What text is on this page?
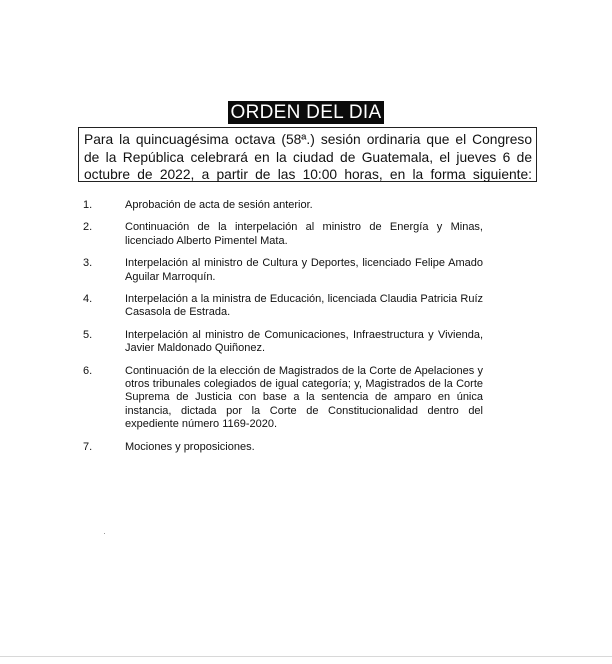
ORDEN DEL DIA
Para la quincuagésima octava (58ª.) sesión ordinaria que el Congreso
de la República celebrará en la ciudad de Guatemala, el jueves 6 de
octubre de 2022, a partir de las 10:00 horas, en la forma siguiente:
1.	Aprobación de acta de sesión anterior.
2.	Continuación de la interpelación al ministro de Energía y Minas, licenciado Alberto Pimentel Mata.
3.	Interpelación al ministro de Cultura y Deportes, licenciado Felipe Amado Aguilar Marroquín.
4.	Interpelación a la ministra de Educación, licenciada Claudia Patricia Ruíz Casasola de Estrada.
5.	Interpelación al ministro de Comunicaciones, Infraestructura y Vivienda, Javier Maldonado Quiñonez.
6.	Continuación de la elección de Magistrados de la Corte de Apelaciones y otros tribunales colegiados de igual categoría; y, Magistrados de la Corte Suprema de Justicia con base a la sentencia de amparo en única instancia, dictada por la Corte de Constitucionalidad dentro del expediente número 1169-2020.
7.	Mociones y proposiciones.
